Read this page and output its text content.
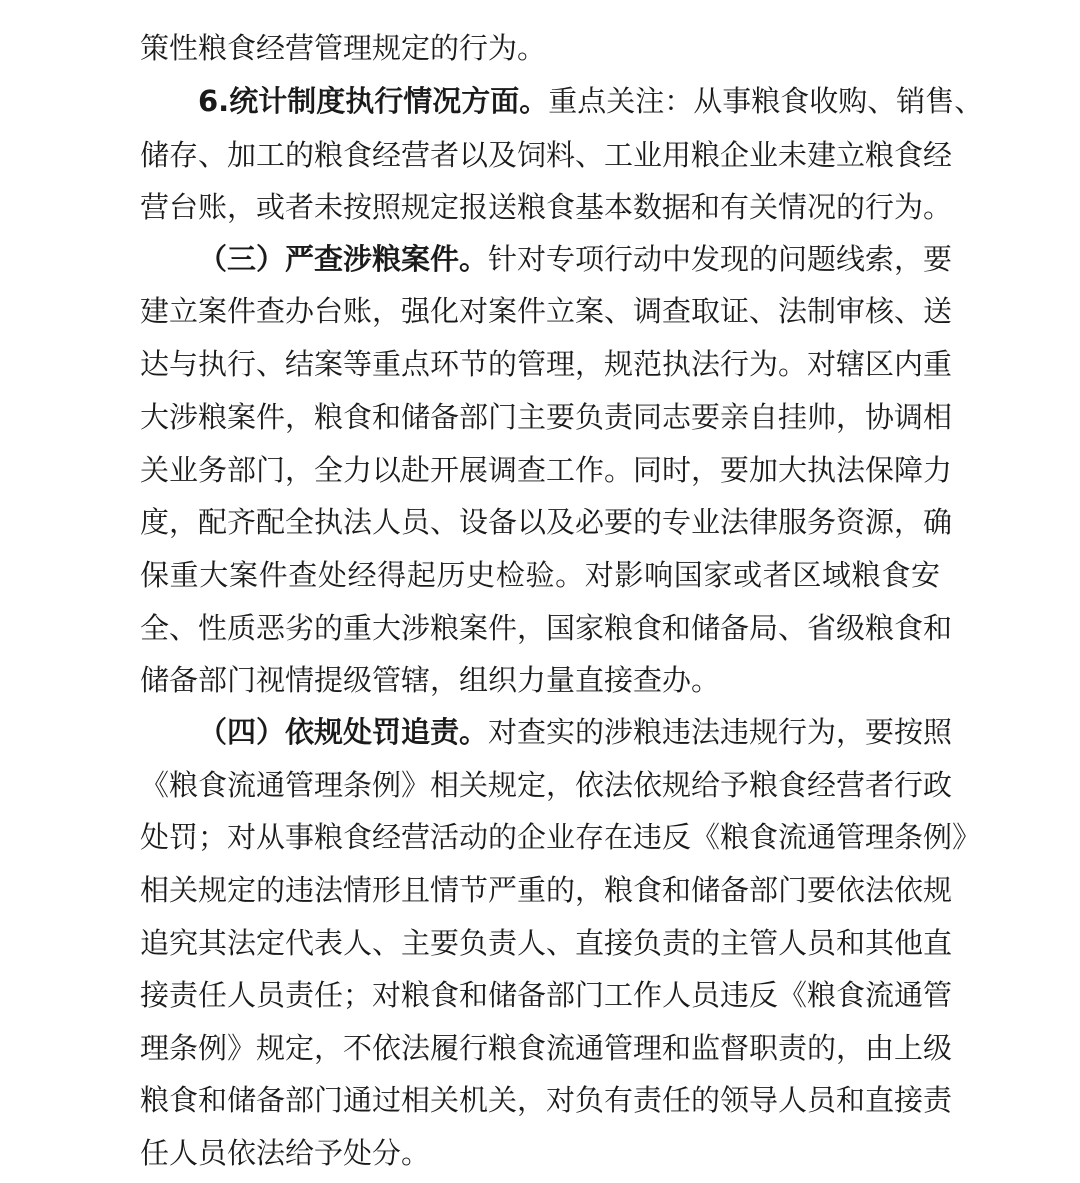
策性粮食经营管理规定的行为。
6.统计制度执行情况方面。重点关注：从事粮食收购、销售、
储存、加工的粮食经营者以及饲料、工业用粮企业未建立粮食经
营台账，或者未按照规定报送粮食基本数据和有关情况的行为。
（三）严查涉粮案件。针对专项行动中发现的问题线索，要
建立案件查办台账，强化对案件立案、调查取证、法制审核、送
达与执行、结案等重点环节的管理，规范执法行为。对辖区内重
大涉粮案件，粮食和储备部门主要负责同志要亲自挂帅，协调相
关业务部门，全力以赴开展调查工作。同时，要加大执法保障力
度，配齐配全执法人员、设备以及必要的专业法律服务资源，确
保重大案件查处经得起历史检验。对影响国家或者区域粮食安
全、性质恶劣的重大涉粮案件，国家粮食和储备局、省级粮食和
储备部门视情提级管辖，组织力量直接查办。
（四）依规处罚追责。对查实的涉粮违法违规行为，要按照
《粮食流通管理条例》相关规定，依法依规给予粮食经营者行政
处罚；对从事粮食经营活动的企业存在违反《粮食流通管理条例》
相关规定的违法情形且情节严重的，粮食和储备部门要依法依规
追究其法定代表人、主要负责人、直接负责的主管人员和其他直
接责任人员责任；对粮食和储备部门工作人员违反《粮食流通管
理条例》规定，不依法履行粮食流通管理和监督职责的，由上级
粮食和储备部门通过相关机关，对负有责任的领导人员和直接责
任人员依法给予处分。
